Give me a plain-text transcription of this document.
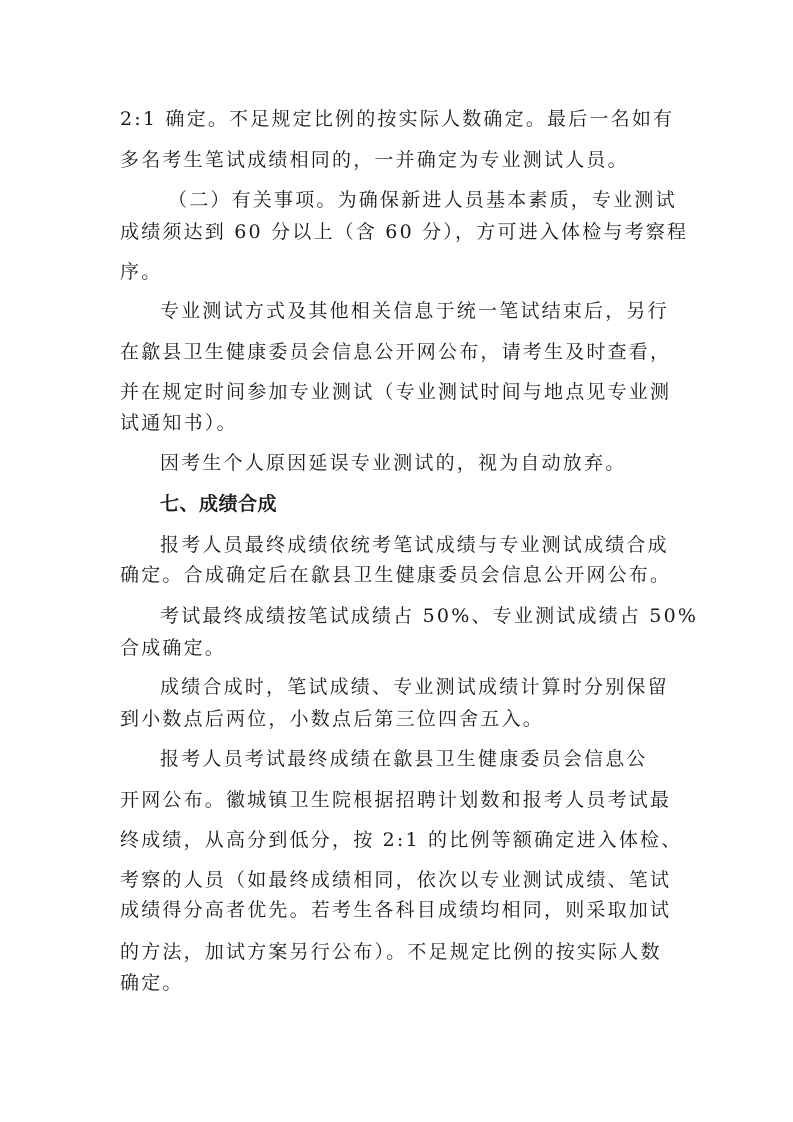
2:1 确定。不足规定比例的按实际人数确定。最后一名如有
多名考生笔试成绩相同的，一并确定为专业测试人员。
（二）有关事项。为确保新进人员基本素质，专业测试
成绩须达到 60 分以上（含 60 分），方可进入体检与考察程
序。
专业测试方式及其他相关信息于统一笔试结束后，另行
在歙县卫生健康委员会信息公开网公布，请考生及时查看，
并在规定时间参加专业测试（专业测试时间与地点见专业测
试通知书）。
因考生个人原因延误专业测试的，视为自动放弃。
七、成绩合成
报考人员最终成绩依统考笔试成绩与专业测试成绩合成
确定。合成确定后在歙县卫生健康委员会信息公开网公布。
考试最终成绩按笔试成绩占 50%、专业测试成绩占 50%
合成确定。
成绩合成时，笔试成绩、专业测试成绩计算时分别保留
到小数点后两位，小数点后第三位四舍五入。
报考人员考试最终成绩在歙县卫生健康委员会信息公
开网公布。徽城镇卫生院根据招聘计划数和报考人员考试最
终成绩，从高分到低分，按 2:1 的比例等额确定进入体检、
考察的人员（如最终成绩相同，依次以专业测试成绩、笔试
成绩得分高者优先。若考生各科目成绩均相同，则采取加试
的方法，加试方案另行公布）。不足规定比例的按实际人数
确定。
